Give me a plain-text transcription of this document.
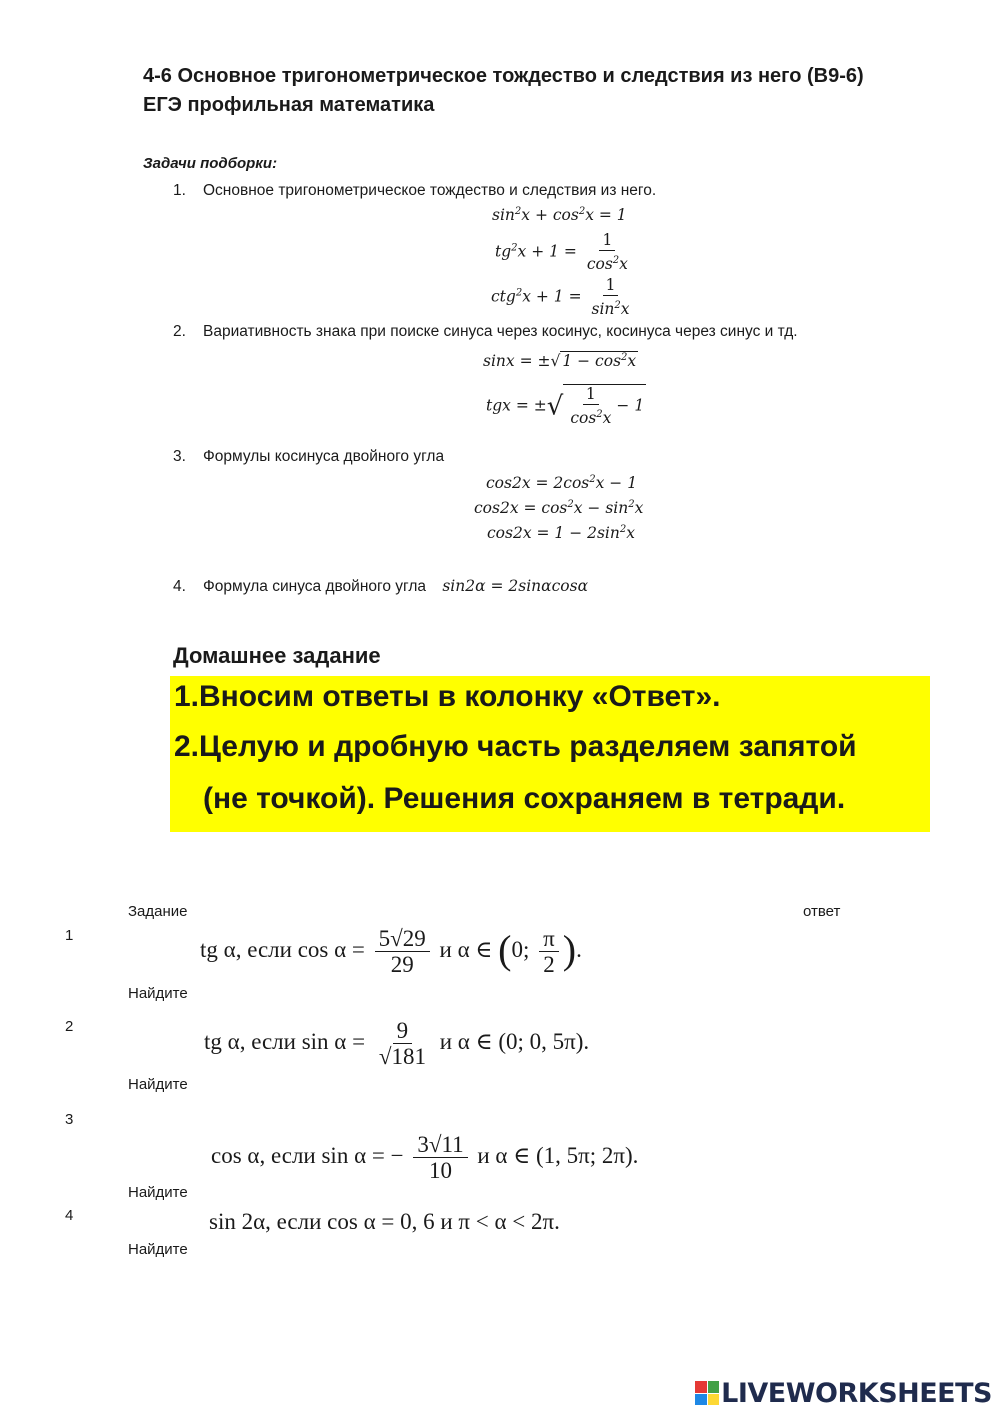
4-6 Основное тригонометрическое тождество и следствия из него (В9-6)
ЕГЭ профильная математика
Задачи подборки:
1. Основное тригонометрическое тождество и следствия из него.
$\sin^2x + \cos^2x = 1$
$tg^2x + 1 = \frac{1}{\cos^2x}$
$ctg^2x + 1 = \frac{1}{\sin^2x}$
2. Вариативность знака при поиске синуса через косинус, косинуса через синус и тд.
sinx = ±√ $1 - \cos^2x$
tgx = ±√ $\frac{1}{\cos^2x} - 1$
3. Формулы косинуса двойного угла
$\cos 2x = 2\cos^2x - 1$
$\cos 2x = \cos^2x - \sin^2x$
$\cos 2x = 1 - 2\sin^2x$
4. Формула синуса двойного угла sin2α = 2sinαcosα
Домашнее задание
1.Вносим ответы в колонку «Ответ».
2.Целую и дробную часть разделяем запятой
(не точкой). Решения сохраняем в тетради.
Задание	ответ
1
tg α, если $\cos \alpha = \frac{5√29}{29}$ и α ∈ (0; $\frac{\pi}{2}$ ).
Найдите
2
tg α, если $\sin \alpha = \frac{9}{√181}$ и α ∈ (0; 0, 5π).
Найдите
3
cos α, если sin α = − $\frac{3√11}{10}$ и α ∈ (1, 5π; 2π).
Найдите
4	sin 2α, если cos α = 0, 6 и π < α < 2π.
Найдите
LIVEWORKSHEETS
